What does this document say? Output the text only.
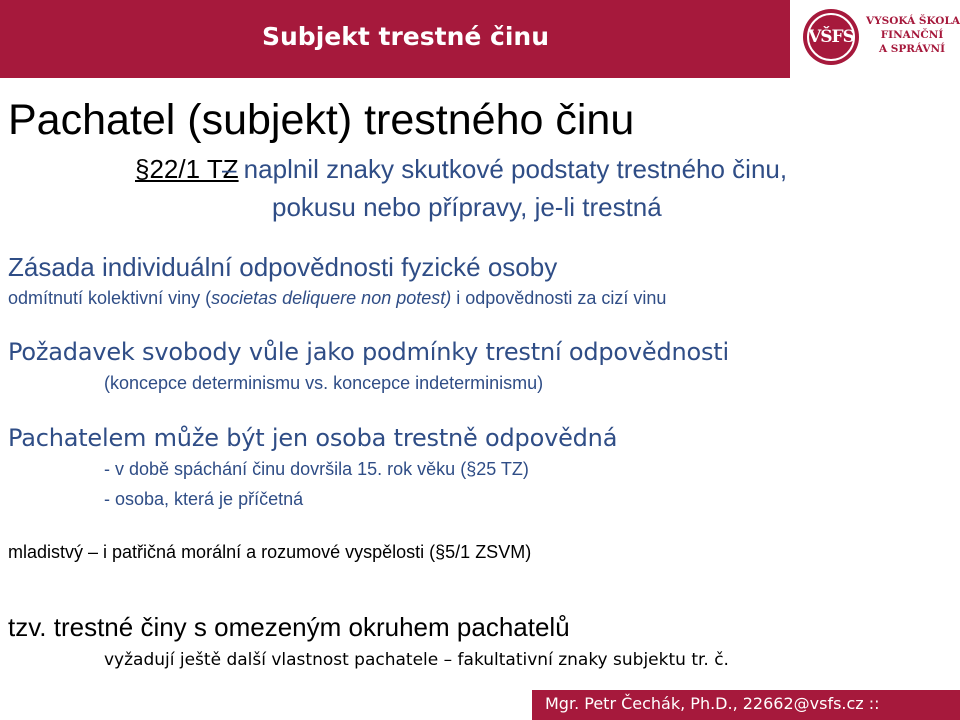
Subjekt trestné činu	VŠFS
VYSOKÁ ŠKOLA
FINANČNÍ
A SPRÁVNÍ
Pachatel (subjekt) trestného činu
§22/1 TZ
– naplnil znaky skutkové podstaty trestného činu,
pokusu nebo přípravy, je-li trestná
Zásada individuální odpovědnosti fyzické osoby
odmítnutí kolektivní viny (societas deliquere non potest) i odpovědnosti za cizí vinu
Požadavek svobody vůle jako podmínky trestní odpovědnosti
(koncepce determinismu vs. koncepce indeterminismu)
Pachatelem může být jen osoba trestně odpovědná
- v době spáchání činu dovršila 15. rok věku (§25 TZ)
- osoba, která je příčetná
mladistvý – i patřičná morální a rozumové vyspělosti (§5/1 ZSVM)
tzv. trestné činy s omezeným okruhem pachatelů
vyžadují ještě další vlastnost pachatele – fakultativní znaky subjektu tr. č.
Mgr. Petr Čechák, Ph.D., 22662@vsfs.cz ::
